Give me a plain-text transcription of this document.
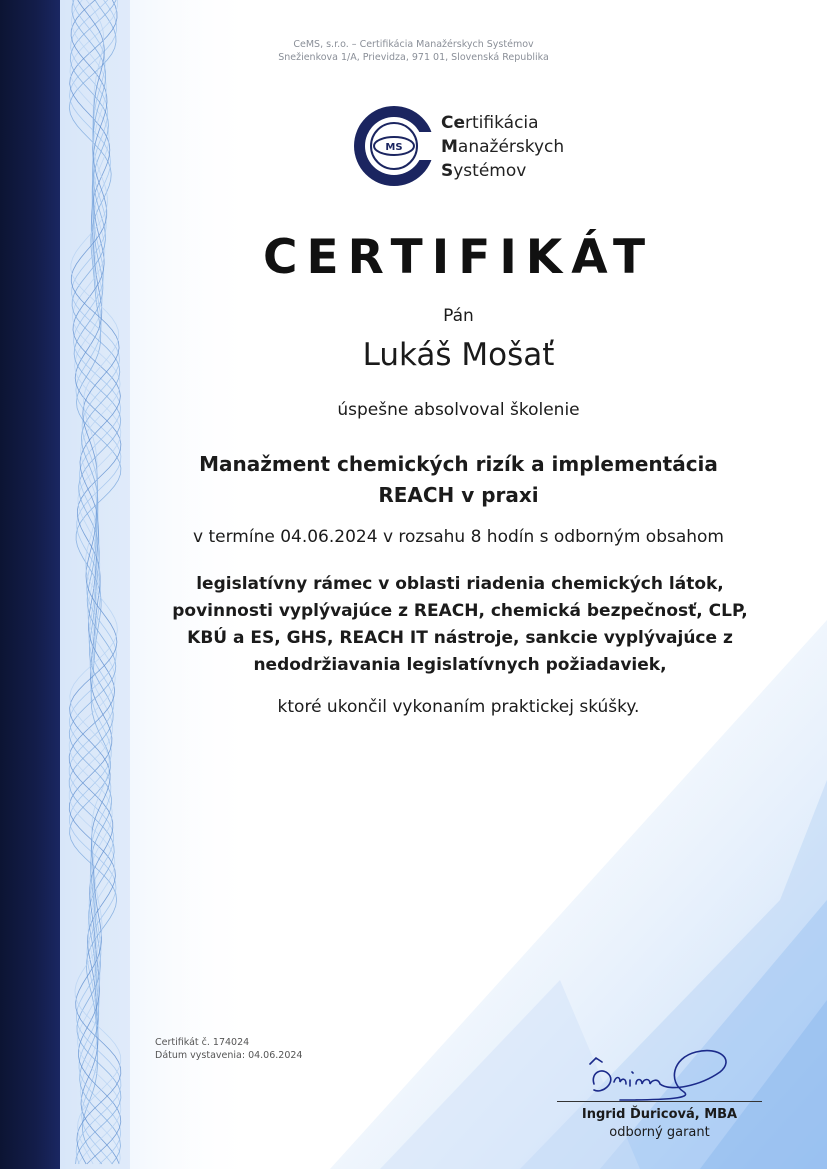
CeMS, s.r.o. – Certifikácia Manažérskych Systémov
Snežienkova 1/A, Prievidza, 971 01, Slovenská Republika
MS
Certifikácia
Manažérskych
Systémov
CERTIFIKÁT
Pán
Lukáš Mošať
úspešne absolvoval školenie
Manažment chemických rizík a implementácia
REACH v praxi
v termíne 04.06.2024 v rozsahu 8 hodín s odborným obsahom
legislatívny rámec v oblasti riadenia chemických látok,
povinnosti vyplývajúce z REACH, chemická bezpečnosť, CLP,
KBÚ a ES, GHS, REACH IT nástroje, sankcie vyplývajúce z
nedodržiavania legislatívnych požiadaviek,
ktoré ukončil vykonaním praktickej skúšky.
Certifikát č. 174024
Dátum vystavenia: 04.06.2024
Ingrid Ďuricová, MBA
odborný garant
